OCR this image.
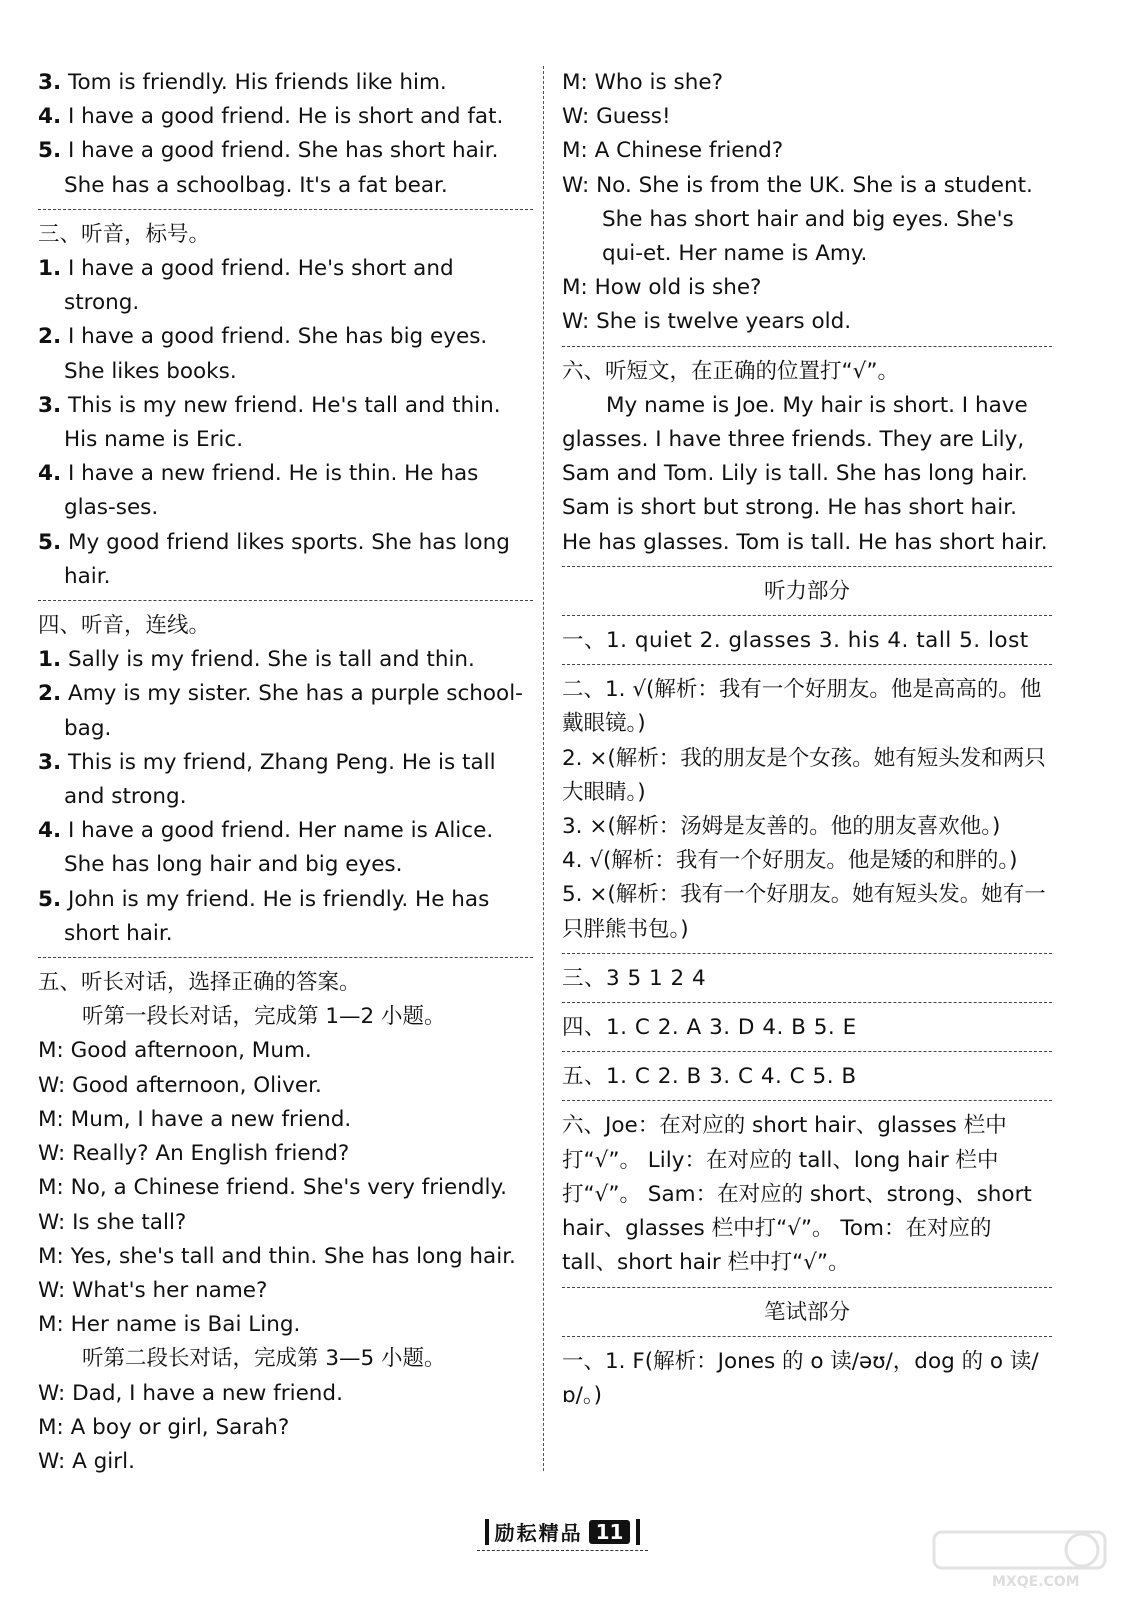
3. Tom is friendly. His friends like him.
4. I have a good friend. He is short and fat.
5. I have a good friend. She has short hair. She has a schoolbag. It's a fat bear.
三、听音，标号。
1. I have a good friend. He's short and strong.
2. I have a good friend. She has big eyes. She likes books.
3. This is my new friend. He's tall and thin. His name is Eric.
4. I have a new friend. He is thin. He has glas-ses.
5. My good friend likes sports. She has long hair.
四、听音，连线。
1. Sally is my friend. She is tall and thin.
2. Amy is my sister. She has a purple school-bag.
3. This is my friend, Zhang Peng. He is tall and strong.
4. I have a good friend. Her name is Alice. She has long hair and big eyes.
5. John is my friend. He is friendly. He has short hair.
五、听长对话，选择正确的答案。
听第一段长对话，完成第 1—2 小题。
M: Good afternoon, Mum.
W: Good afternoon, Oliver.
M: Mum, I have a new friend.
W: Really? An English friend?
M: No, a Chinese friend. She's very friendly.
W: Is she tall?
M: Yes, she's tall and thin. She has long hair.
W: What's her name?
M: Her name is Bai Ling.
听第二段长对话，完成第 3—5 小题。
W: Dad, I have a new friend.
M: A boy or girl, Sarah?
W: A girl.
M: Who is she?
W: Guess!
M: A Chinese friend?
W: No. She is from the UK. She is a student. She has short hair and big eyes. She's qui-et. Her name is Amy.
M: How old is she?
W: She is twelve years old.
六、听短文，在正确的位置打“√”。
My name is Joe. My hair is short. I have glasses. I have three friends. They are Lily, Sam and Tom. Lily is tall. She has long hair. Sam is short but strong. He has short hair. He has glasses. Tom is tall. He has short hair.
听力部分
一、1. quiet 2. glasses 3. his 4. tall 5. lost
二、1. √(解析：我有一个好朋友。他是高高的。他戴眼镜。)
2. ×(解析：我的朋友是个女孩。她有短头发和两只大眼睛。)
3. ×(解析：汤姆是友善的。他的朋友喜欢他。)
4. √(解析：我有一个好朋友。他是矮的和胖的。)
5. ×(解析：我有一个好朋友。她有短头发。她有一只胖熊书包。)
三、3 5 1 2 4
四、1. C 2. A 3. D 4. B 5. E
五、1. C 2. B 3. C 4. C 5. B
六、Joe：在对应的 short hair、glasses 栏中打“√”。 Lily：在对应的 tall、long hair 栏中打“√”。 Sam：在对应的 short、strong、short hair、glasses 栏中打“√”。 Tom：在对应的 tall、short hair 栏中打“√”。
笔试部分
一、1. F(解析：Jones 的 o 读/əʊ/，dog 的 o 读/ɒ/。)
励耘精品 11
MXQE.COM
